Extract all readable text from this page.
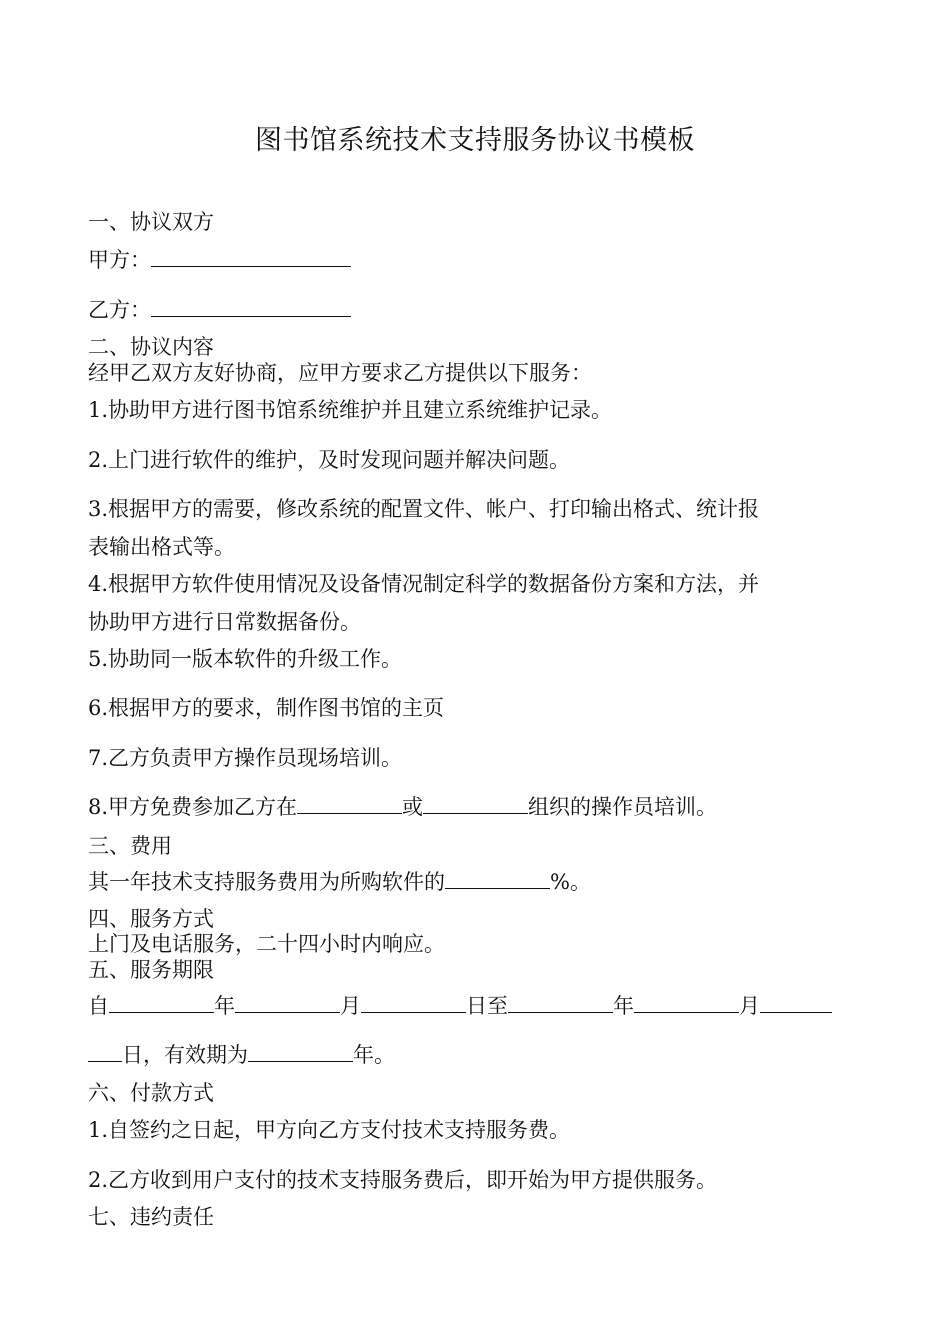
图书馆系统技术支持服务协议书模板
一、协议双方
甲方：
乙方：
二、协议内容
经甲乙双方友好协商，应甲方要求乙方提供以下服务：
1.协助甲方进行图书馆系统维护并且建立系统维护记录。
2.上门进行软件的维护，及时发现问题并解决问题。
3.根据甲方的需要，修改系统的配置文件、帐户、打印输出格式、统计报
表输出格式等。
4.根据甲方软件使用情况及设备情况制定科学的数据备份方案和方法，并
协助甲方进行日常数据备份。
5.协助同一版本软件的升级工作。
6.根据甲方的要求，制作图书馆的主页
7.乙方负责甲方操作员现场培训。
8.甲方免费参加乙方在	或	组织的操作员培训。
三、费用
其一年技术支持服务费用为所购软件的	%。
四、服务方式
上门及电话服务，二十四小时内响应。
五、服务期限
自	年	月	日至	年	月
日，有效期为	年。
六、付款方式
1.自签约之日起，甲方向乙方支付技术支持服务费。
2.乙方收到用户支付的技术支持服务费后，即开始为甲方提供服务。
七、违约责任
